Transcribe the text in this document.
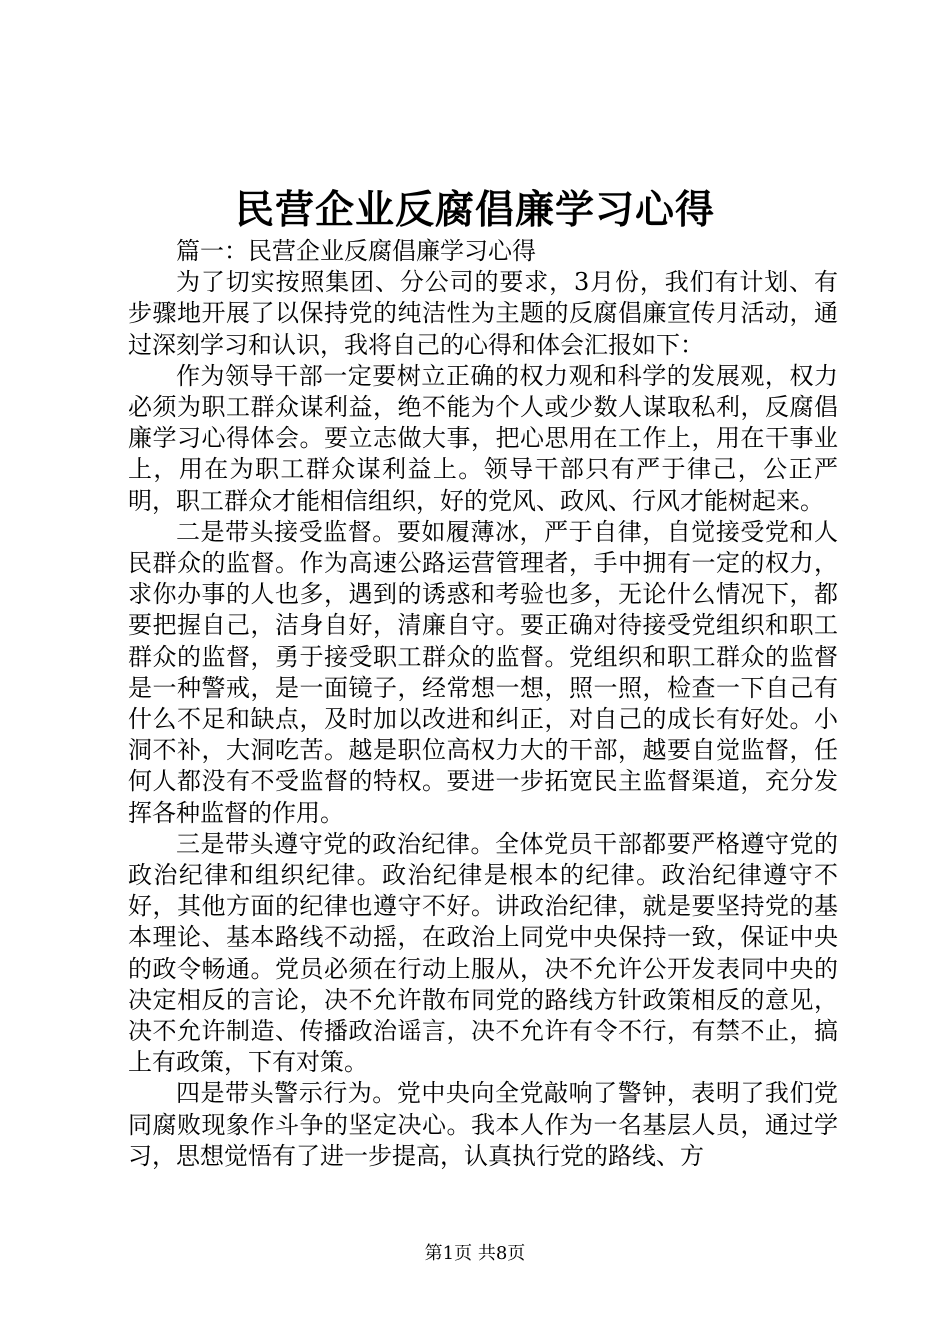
民营企业反腐倡廉学习心得

篇一：民营企业反腐倡廉学习心得

为了切实按照集团、分公司的要求，3月份，我们有计划、有步骤地开展了以保持党的纯洁性为主题的反腐倡廉宣传月活动，通过深刻学习和认识，我将自己的心得和体会汇报如下：

作为领导干部一定要树立正确的权力观和科学的发展观，权力必须为职工群众谋利益，绝不能为个人或少数人谋取私利，反腐倡廉学习心得体会。要立志做大事，把心思用在工作上，用在干事业上，用在为职工群众谋利益上。领导干部只有严于律己，公正严明，职工群众才能相信组织，好的党风、政风、行风才能树起来。

二是带头接受监督。要如履薄冰，严于自律，自觉接受党和人民群众的监督。作为高速公路运营管理者，手中拥有一定的权力，求你办事的人也多，遇到的诱惑和考验也多，无论什么情况下，都要把握自己，洁身自好，清廉自守。要正确对待接受党组织和职工群众的监督，勇于接受职工群众的监督。党组织和职工群众的监督是一种警戒，是一面镜子，经常想一想，照一照，检查一下自己有什么不足和缺点，及时加以改进和纠正，对自己的成长有好处。小洞不补，大洞吃苦。越是职位高权力大的干部，越要自觉监督，任何人都没有不受监督的特权。要进一步拓宽民主监督渠道，充分发挥各种监督的作用。

三是带头遵守党的政治纪律。全体党员干部都要严格遵守党的政治纪律和组织纪律。政治纪律是根本的纪律。政治纪律遵守不好，其他方面的纪律也遵守不好。讲政治纪律，就是要坚持党的基本理论、基本路线不动摇，在政治上同党中央保持一致，保证中央的政令畅通。党员必须在行动上服从，决不允许公开发表同中央的决定相反的言论，决不允许散布同党的路线方针政策相反的意见，决不允许制造、传播政治谣言，决不允许有令不行，有禁不止，搞上有政策，下有对策。

四是带头警示行为。党中央向全党敲响了警钟，表明了我们党同腐败现象作斗争的坚定决心。我本人作为一名基层人员，通过学习，思想觉悟有了进一步提高，认真执行党的路线、方

第1页 共8页
